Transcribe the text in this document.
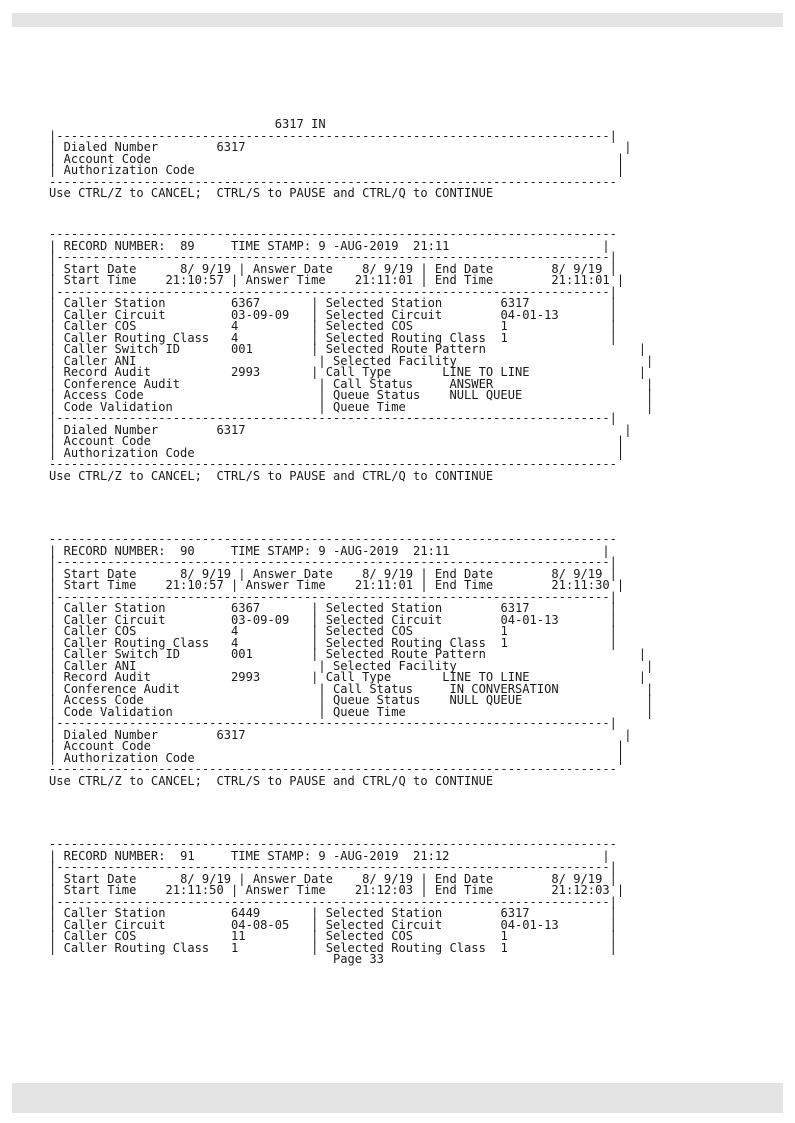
6317 IN
|----------------------------------------------------------------------------|
| Dialed Number	6317	|
| Account Code	|
| Authorization Code	|
------------------------------------------------------------------------------
Use CTRL/Z to CANCEL;  CTRL/S to PAUSE and CTRL/Q to CONTINUE

------------------------------------------------------------------------------
| RECORD NUMBER: 89	TIME STAMP: 9 -AUG-2019  21:11	|
|----------------------------------------------------------------------------|
| Start Date	8/ 9/19 | Answer Date 8/ 9/19 | End Date	8/ 9/19 |
| Start Time 21:10:57 | Answer Time 21:11:01 | End Time	21:11:01 |
|----------------------------------------------------------------------------|
| Caller Station	6367       | Selected Station	6317	|
| Caller Circuit	03-09-09   | Selected Circuit	04-01-13	|
| Caller COS	4          | Selected COS	1	|
| Caller Routing Class 4          | Selected Routing Class 1	|
| Caller Switch ID	001        | Selected Route Pattern	|
| Caller ANI                         | Selected Facility	|
| Record Audit	2993       | Call Type	LINE TO LINE	|
| Conference Audit                   | Call Status	ANSWER	|
| Access Code                        | Queue Status NULL QUEUE	|
| Code Validation                    | Queue Time	|
|----------------------------------------------------------------------------|
| Dialed Number	6317	|
| Account Code	|
| Authorization Code	|
------------------------------------------------------------------------------
Use CTRL/Z to CANCEL;  CTRL/S to PAUSE and CTRL/Q to CONTINUE

------------------------------------------------------------------------------
| RECORD NUMBER: 90	TIME STAMP: 9 -AUG-2019  21:11	|
|----------------------------------------------------------------------------|
| Start Date	8/ 9/19 | Answer Date 8/ 9/19 | End Date	8/ 9/19 |
| Start Time 21:10:57 | Answer Time 21:11:01 | End Time	21:11:30 |
|----------------------------------------------------------------------------|
| Caller Station	6367       | Selected Station	6317	|
| Caller Circuit	03-09-09   | Selected Circuit	04-01-13	|
| Caller COS	4          | Selected COS	1	|
| Caller Routing Class 4          | Selected Routing Class 1	|
| Caller Switch ID	001        | Selected Route Pattern	|
| Caller ANI                         | Selected Facility	|
| Record Audit	2993       | Call Type	LINE TO LINE	|
| Conference Audit                   | Call Status	IN CONVERSATION	|
| Access Code                        | Queue Status NULL QUEUE	|
| Code Validation                    | Queue Time	|
|----------------------------------------------------------------------------|
| Dialed Number	6317	|
| Account Code	|
| Authorization Code	|
------------------------------------------------------------------------------
Use CTRL/Z to CANCEL;  CTRL/S to PAUSE and CTRL/Q to CONTINUE

------------------------------------------------------------------------------
| RECORD NUMBER: 91	TIME STAMP: 9 -AUG-2019  21:12	|
|----------------------------------------------------------------------------|
| Start Date	8/ 9/19 | Answer Date 8/ 9/19 | End Date	8/ 9/19 |
| Start Time 21:11:50 | Answer Time 21:12:03 | End Time	21:12:03 |
|----------------------------------------------------------------------------|
| Caller Station	6449       | Selected Station	6317	|
| Caller Circuit	04-08-05   | Selected Circuit	04-01-13	|
| Caller COS	11         | Selected COS	1	|
| Caller Routing Class 1          | Selected Routing Class 1	|
Page 33
